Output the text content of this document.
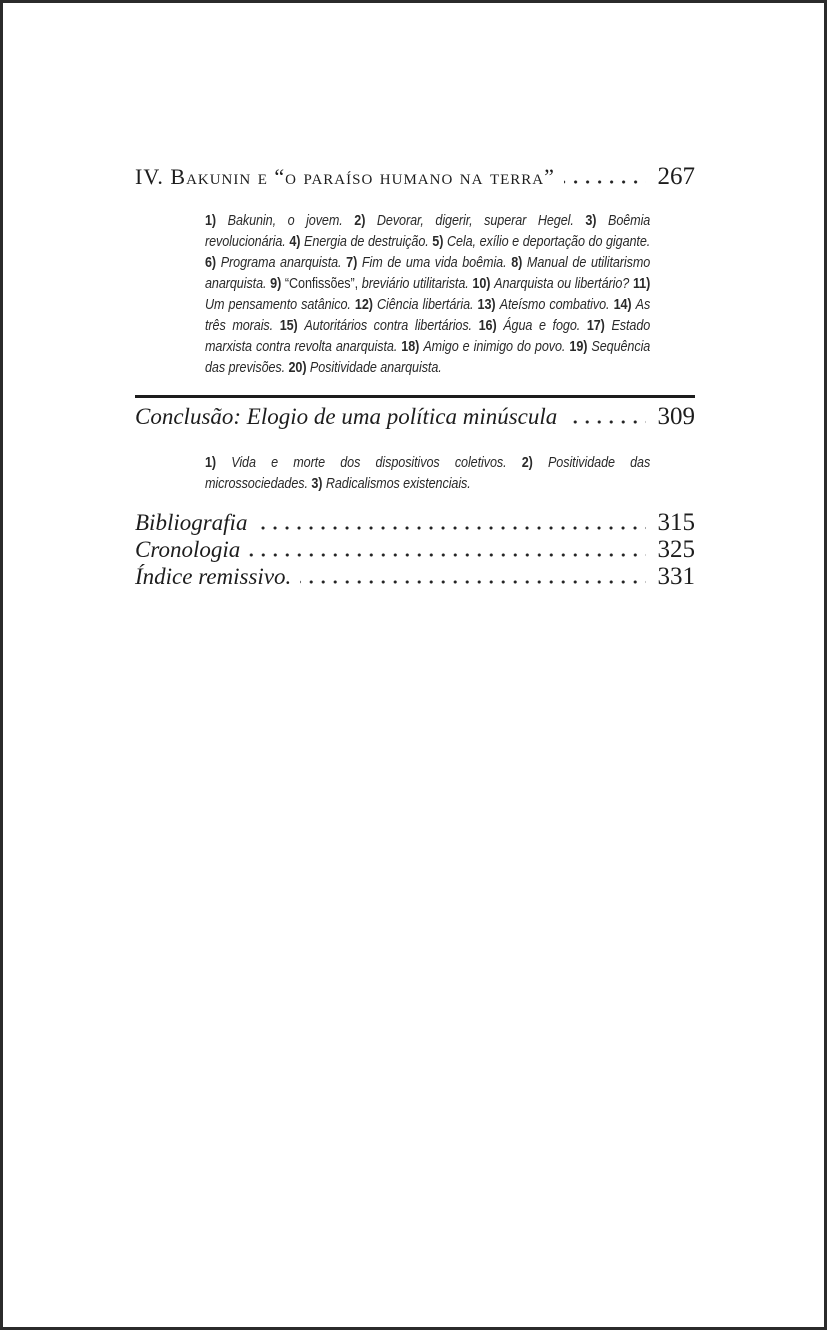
IV. Bakunin e “o paraíso humano na terra”	267

1) Bakunin, o jovem. 2) Devorar, digerir, superar Hegel. 3) Boêmia revolucionária. 4) Energia de destruição. 5) Cela, exílio e deportação do gigante. 6) Programa anarquista. 7) Fim de uma vida boêmia. 8) Manual de utilitarismo anarquista. 9) “Confissões”, breviário utilitarista. 10) Anarquista ou libertário? 11) Um pensamento satânico. 12) Ciência libertária. 13) Ateísmo combativo. 14) As três morais. 15) Autoritários contra libertários. 16) Água e fogo. 17) Estado marxista contra revolta anarquista. 18) Amigo e inimigo do povo. 19) Sequência das previsões. 20) Positividade anarquista.

Conclusão: Elogio de uma política minúscula	309

1) Vida e morte dos dispositivos coletivos. 2) Positividade das microssociedades. 3) Radicalismos existenciais.

Bibliografia	315
Cronologia	325
Índice remissivo.	331
